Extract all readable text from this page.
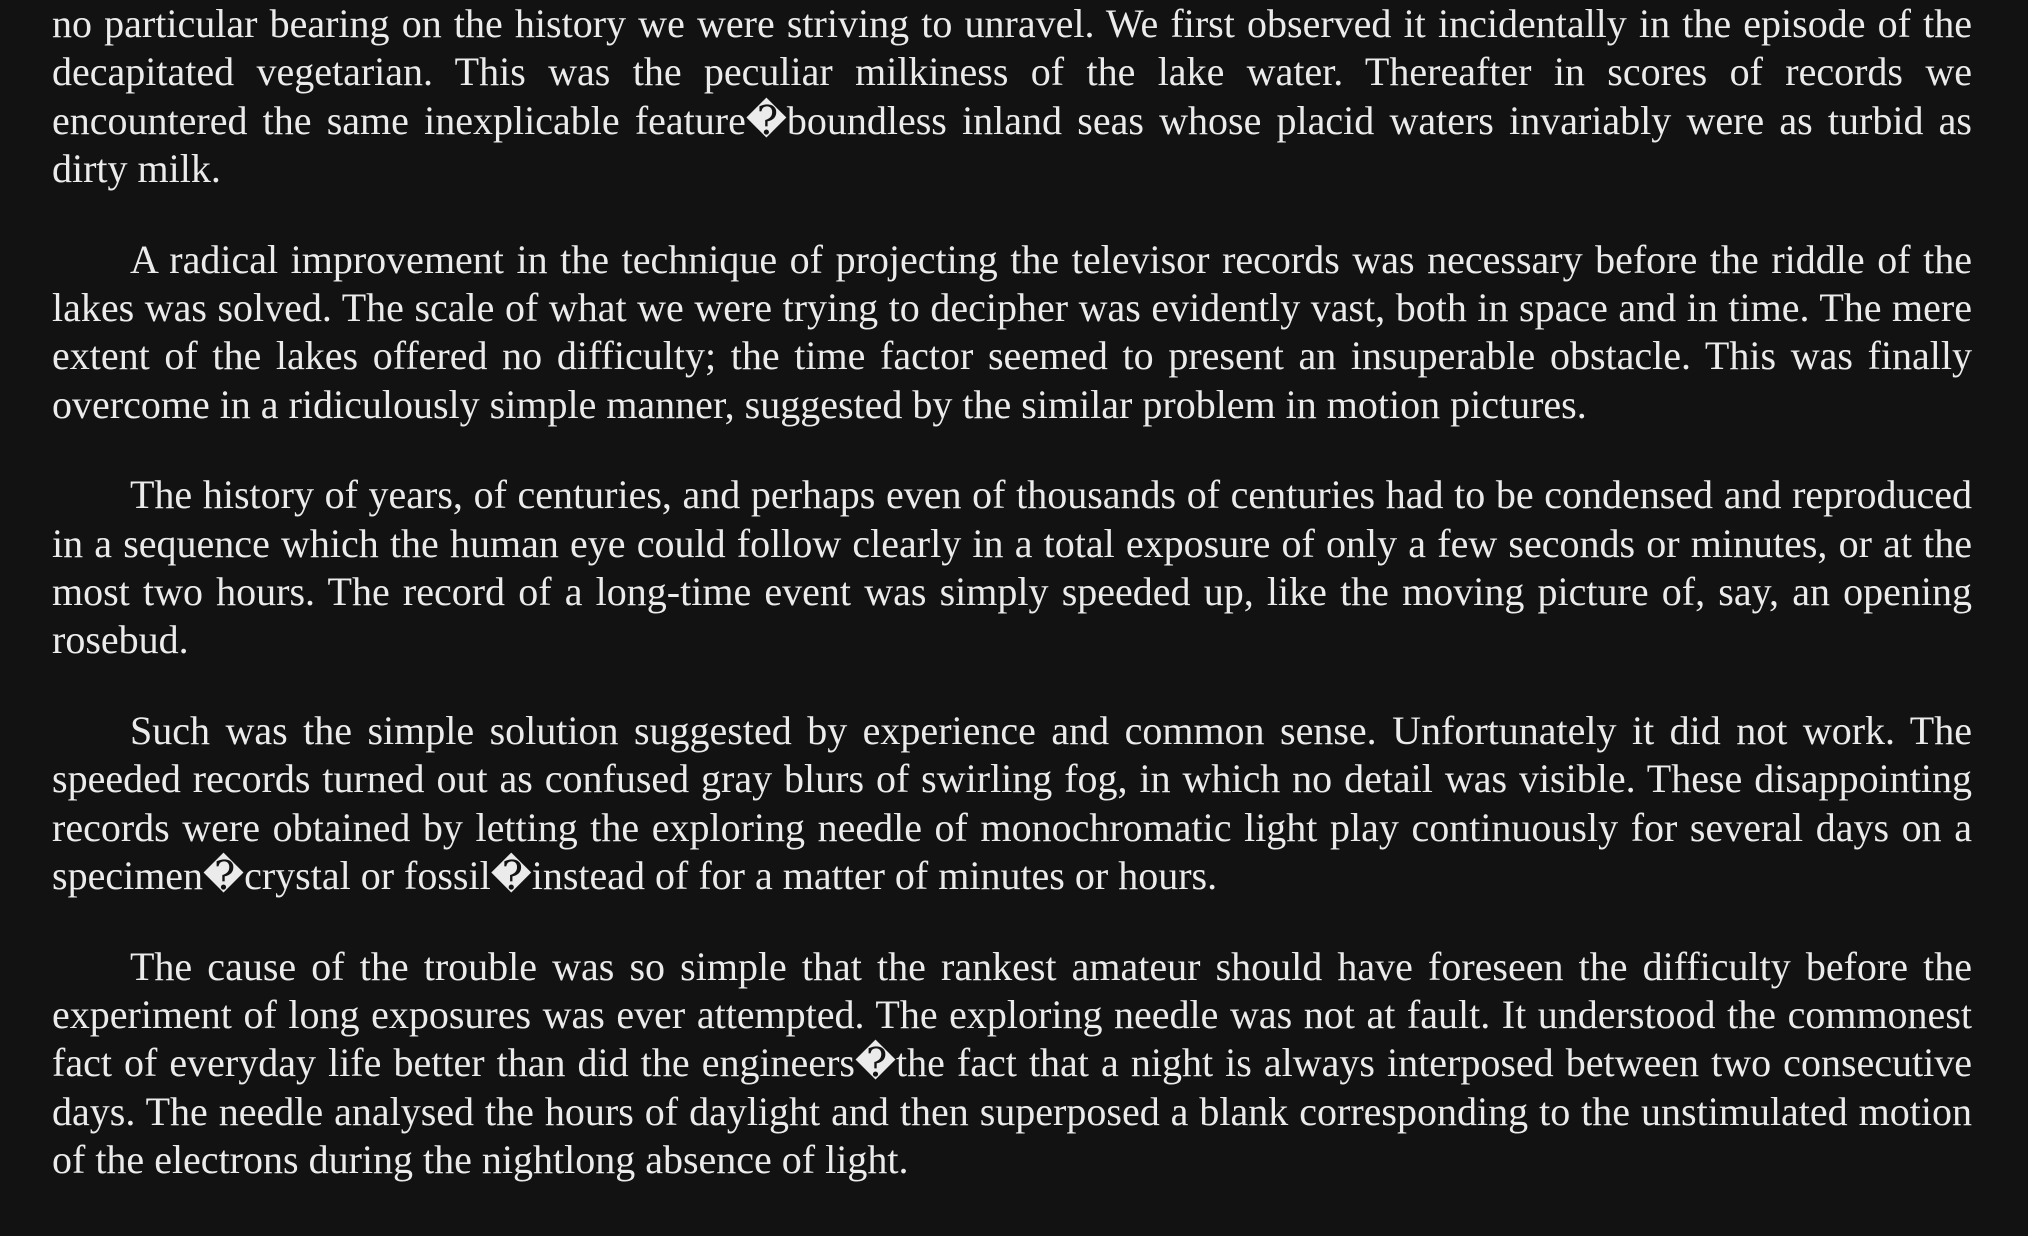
no particular bearing on the history we were striving to unravel. We first observed it incidentally in the episode of the decapitated vegetarian. This was the peculiar milkiness of the lake water. Thereafter in scores of records we encountered the same inexplicable feature�boundless inland seas whose placid waters invariably were as turbid as dirty milk.

A radical improvement in the technique of projecting the televisor records was necessary before the riddle of the lakes was solved. The scale of what we were trying to decipher was evidently vast, both in space and in time. The mere extent of the lakes offered no difficulty; the time factor seemed to present an insuperable obstacle. This was finally overcome in a ridiculously simple manner, suggested by the similar problem in motion pictures.

The history of years, of centuries, and perhaps even of thousands of centuries had to be condensed and reproduced in a sequence which the human eye could follow clearly in a total exposure of only a few seconds or minutes, or at the most two hours. The record of a long-time event was simply speeded up, like the moving picture of, say, an opening rosebud.

Such was the simple solution suggested by experience and common sense. Unfortunately it did not work. The speeded records turned out as confused gray blurs of swirling fog, in which no detail was visible. These disappointing records were obtained by letting the exploring needle of monochromatic light play continuously for several days on a specimen�crystal or fossil�instead of for a matter of minutes or hours.

The cause of the trouble was so simple that the rankest amateur should have foreseen the difficulty before the experiment of long exposures was ever attempted. The exploring needle was not at fault. It understood the commonest fact of everyday life better than did the engineers�the fact that a night is always interposed between two consecutive days. The needle analysed the hours of daylight and then superposed a blank corresponding to the unstimulated motion of the electrons during the nightlong absence of light.
